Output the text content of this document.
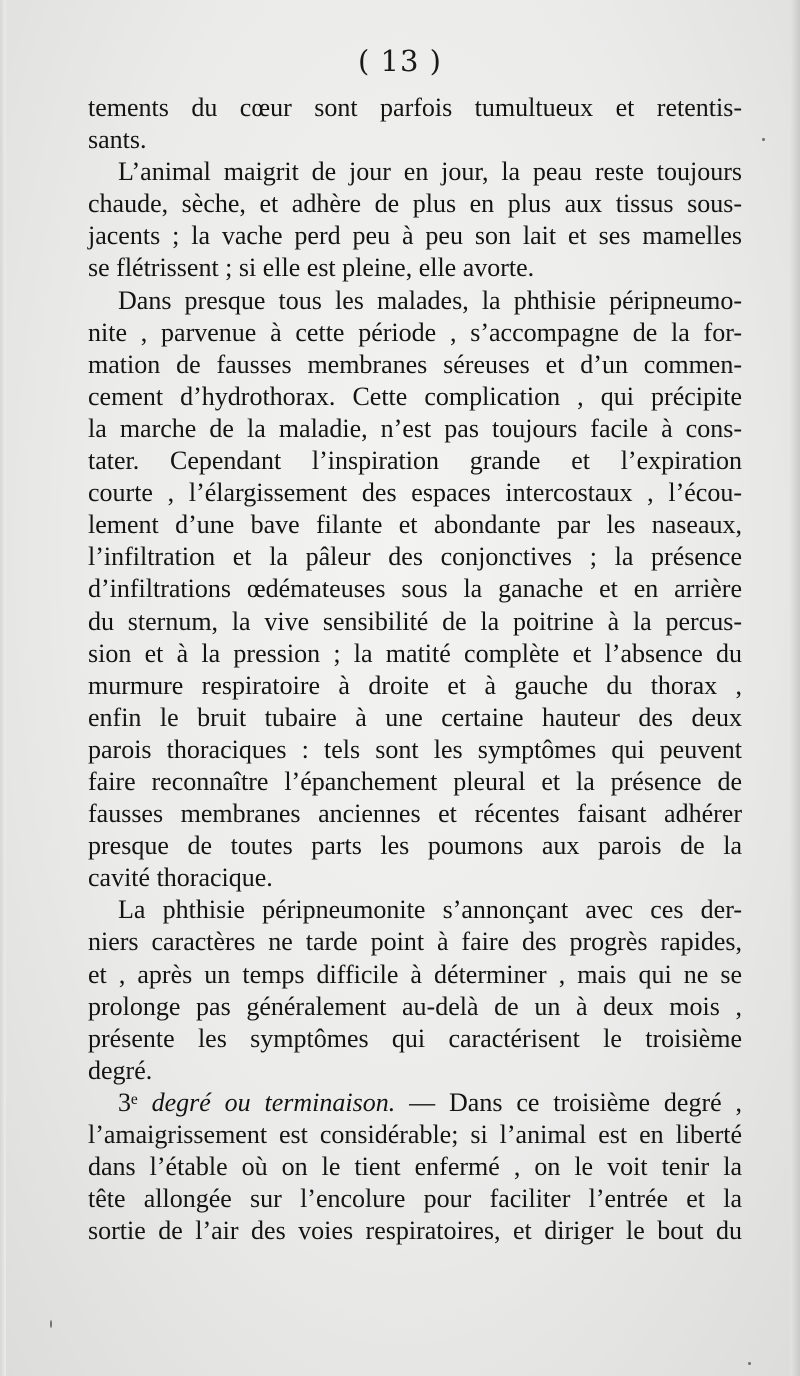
( 13 )
tements du cœur sont parfois tumultueux et retentis-
sants.
L’animal maigrit de jour en jour, la peau reste toujours
chaude, sèche, et adhère de plus en plus aux tissus sous-
jacents ; la vache perd peu à peu son lait et ses mamelles
se flétrissent ; si elle est pleine, elle avorte.
Dans presque tous les malades, la phthisie péripneumo-
nite , parvenue à cette période , s’accompagne de la for-
mation de fausses membranes séreuses et d’un commen-
cement d’hydrothorax. Cette complication , qui précipite
la marche de la maladie, n’est pas toujours facile à cons-
tater. Cependant l’inspiration grande et l’expiration
courte , l’élargissement des espaces intercostaux , l’écou-
lement d’une bave filante et abondante par les naseaux,
l’infiltration et la pâleur des conjonctives ; la présence
d’infiltrations œdémateuses sous la ganache et en arrière
du sternum, la vive sensibilité de la poitrine à la percus-
sion et à la pression ; la matité complète et l’absence du
murmure respiratoire à droite et à gauche du thorax ,
enfin le bruit tubaire à une certaine hauteur des deux
parois thoraciques : tels sont les symptômes qui peuvent
faire reconnaître l’épanchement pleural et la présence de
fausses membranes anciennes et récentes faisant adhérer
presque de toutes parts les poumons aux parois de la
cavité thoracique.
La phthisie péripneumonite s’annonçant avec ces der-
niers caractères ne tarde point à faire des progrès rapides,
et , après un temps difficile à déterminer , mais qui ne se
prolonge pas généralement au-delà de un à deux mois ,
présente les symptômes qui caractérisent le troisième
degré.
3ᵉ degré ou terminaison. — Dans ce troisième degré ,
l’amaigrissement est considérable; si l’animal est en liberté
dans l’étable où on le tient enfermé , on le voit tenir la
tête allongée sur l’encolure pour faciliter l’entrée et la
sortie de l’air des voies respiratoires, et diriger le bout du
